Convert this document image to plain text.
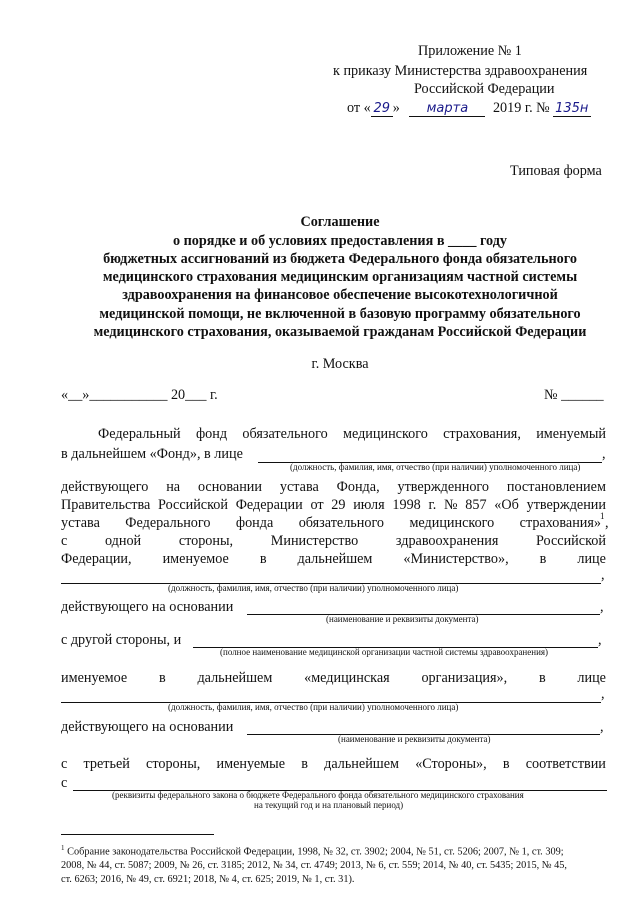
Приложение № 1
к приказу Министерства здравоохранения
Российской Федерации
от « 29 » марта 2019 г. № 135н
Типовая форма
Соглашение
о порядке и об условиях предоставления в ____ году
бюджетных ассигнований из бюджета Федерального фонда обязательного
медицинского страхования медицинским организациям частной системы
здравоохранения на финансовое обеспечение высокотехнологичной
медицинской помощи, не включенной в базовую программу обязательного
медицинского страхования, оказываемой гражданам Российской Федерации
г. Москва
«__»___________ 20___ г.	№ ______
Федеральный фонд обязательного медицинского страхования, именуемый
в дальнейшем «Фонд», в лице	,
(должность, фамилия, имя, отчество (при наличии) уполномоченного лица)
действующего на основании устава Фонда, утвержденного постановлением
Правительства Российской Федерации от 29 июля 1998 г. № 857 «Об утверждении
устава Федерального фонда обязательного медицинского страхования» 1 ,
с	одной	стороны,	Министерство	здравоохранения	Российской
Федерации, именуемое в дальнейшем «Министерство», в лице
,
(должность, фамилия, имя, отчество (при наличии) уполномоченного лица)
действующего на основании	,
(наименование и реквизиты документа)
с другой стороны, и	,
(полное наименование медицинской организации частной системы здравоохранения)
именуемое в дальнейшем «медицинская организация», в лице
,
(должность, фамилия, имя, отчество (при наличии) уполномоченного лица)
действующего на основании	,
(наименование и реквизиты документа)
с третьей стороны, именуемые в дальнейшем «Стороны», в соответствии
с
(реквизиты федерального закона о бюджете Федерального фонда обязательного медицинского страхования
на текущий год и на плановый период)
$^1$ Собрание законодательства Российской Федерации, 1998, № 32, ст. 3902; 2004, № 51, ст. 5206; 2007, № 1, ст. 309;
2008, № 44, ст. 5087; 2009, № 26, ст. 3185; 2012, № 34, ст. 4749; 2013, № 6, ст. 559; 2014, № 40, ст. 5435; 2015, № 45,
ст. 6263; 2016, № 49, ст. 6921; 2018, № 4, ст. 625; 2019, № 1, ст. 31).
